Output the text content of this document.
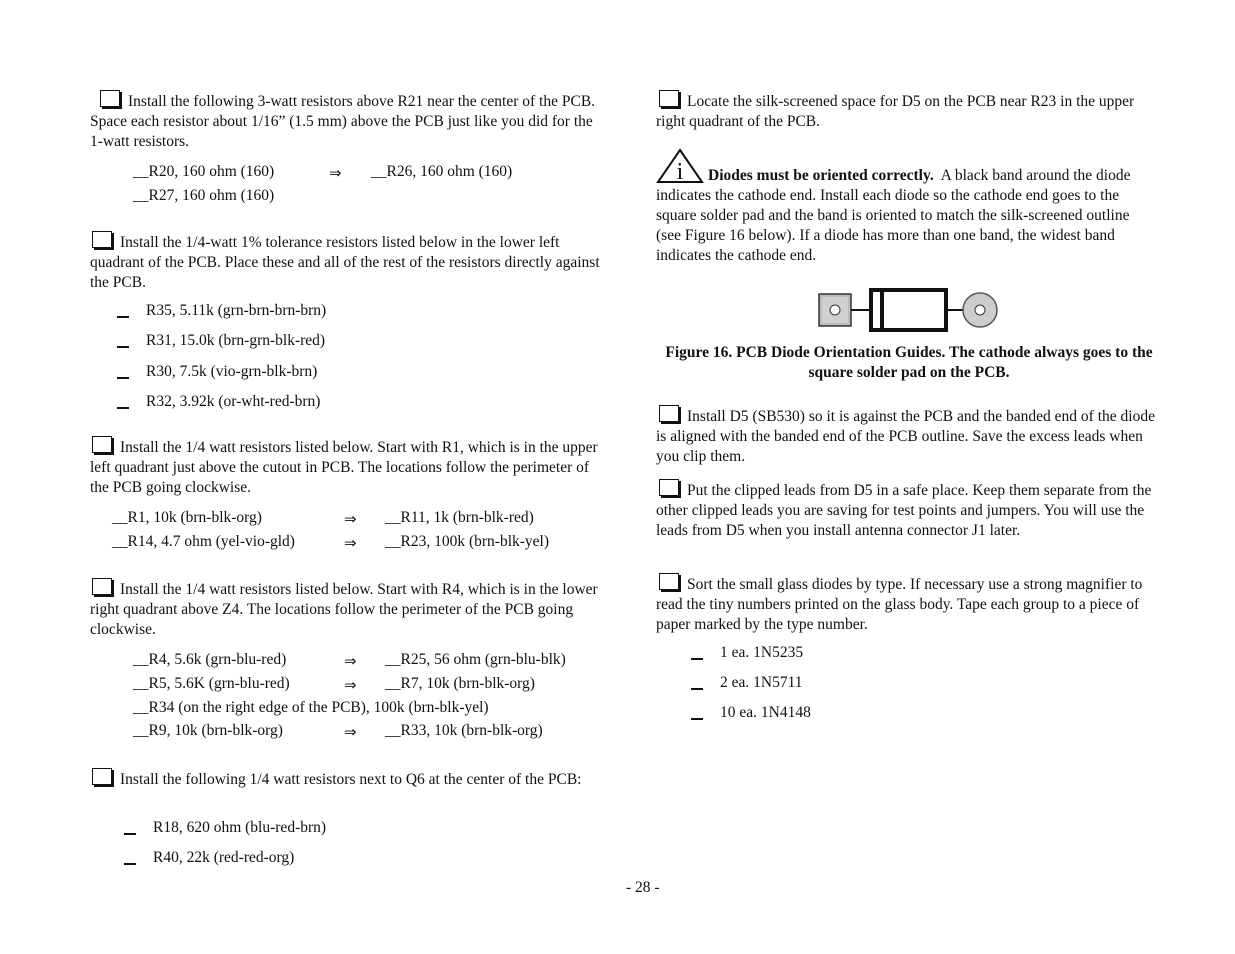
Install the following 3-watt resistors above R21 near the center of the PCB. Space each resistor about 1/16” (1.5 mm) above the PCB just like you did for the 1-watt resistors.
__R20, 160 ohm (160)	⇒ __R26, 160 ohm (160)
__R27, 160 ohm (160)
Install the 1/4-watt 1% tolerance resistors listed below in the lower left quadrant of the PCB. Place these and all of the rest of the resistors directly against the PCB.
R35, 5.11k (grn-brn-brn-brn)
R31, 15.0k (brn-grn-blk-red)
R30, 7.5k (vio-grn-blk-brn)
R32, 3.92k (or-wht-red-brn)
Install the 1/4 watt resistors listed below. Start with R1, which is in the upper left quadrant just above the cutout in PCB. The locations follow the perimeter of the PCB going clockwise.
__R1, 10k (brn-blk-org)	⇒ __R11, 1k (brn-blk-red)
__R14, 4.7 ohm (yel-vio-gld)	⇒ __R23, 100k (brn-blk-yel)
Install the 1/4 watt resistors listed below. Start with R4, which is in the lower right quadrant above Z4. The locations follow the perimeter of the PCB going clockwise.
__R4, 5.6k (grn-blu-red)	⇒ __R25, 56 ohm (grn-blu-blk)
__R5, 5.6K (grn-blu-red)	⇒ __R7, 10k (brn-blk-org)
__R34 (on the right edge of the PCB), 100k (brn-blk-yel)
__R9, 10k (brn-blk-org)	⇒ __R33, 10k (brn-blk-org)
Install the following 1/4 watt resistors next to Q6 at the center of the PCB:
R18, 620 ohm (blu-red-brn)
R40, 22k (red-red-org)
Locate the silk-screened space for D5 on the PCB near R23 in the upper right quadrant of the PCB.
i Diodes must be oriented correctly. A black band around the diode indicates the cathode end. Install each diode so the cathode end goes to the square solder pad and the band is oriented to match the silk-screened outline (see Figure 16 below). If a diode has more than one band, the widest band indicates the cathode end.
Figure 16. PCB Diode Orientation Guides. The cathode always goes to the square solder pad on the PCB.
Install D5 (SB530) so it is against the PCB and the banded end of the diode is aligned with the banded end of the PCB outline. Save the excess leads when you clip them.
Put the clipped leads from D5 in a safe place. Keep them separate from the other clipped leads you are saving for test points and jumpers. You will use the leads from D5 when you install antenna connector J1 later.
Sort the small glass diodes by type. If necessary use a strong magnifier to read the tiny numbers printed on the glass body. Tape each group to a piece of paper marked by the type number.
1 ea. 1N5235
2 ea. 1N5711
10 ea. 1N4148
- 28 -
